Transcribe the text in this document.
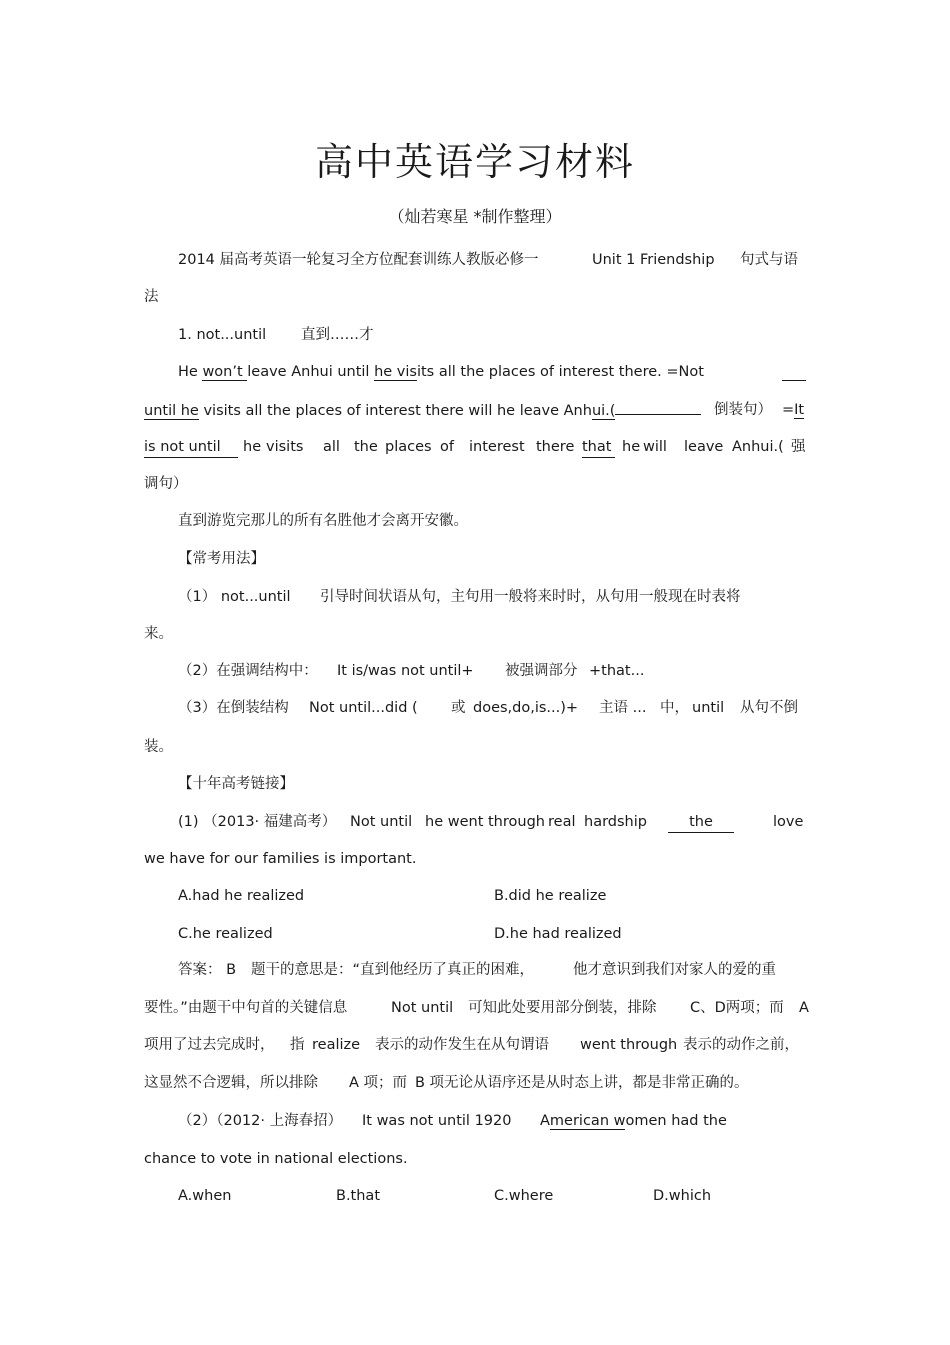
高中英语学习材料
（灿若寒星 *制作整理）
2014 届高考英语一轮复习全方位配套训练人教版必修一	Unit 1 Friendship 句式与语
法
1. not...until 直到……才
He won’t leave Anhui until he visits all the places of interest there. =Not
until he visits all the places of interest there will he leave Anhui.(	倒装句） =It
is not until	he visits all the places of interest there that he will leave Anhui.( 强
调句）
直到游览完那儿的所有名胜他才会离开安徽。
【常考用法】
（1） not...until 引导时间状语从句，主句用一般将来时时，从句用一般现在时表将
来。
（2）在强调结构中： It is/was not until+ 被强调部分 +that...
（3）在倒装结构 Not until...did ( 或 does,do,is...)+ 主语 ... 中， until 从句不倒
装。
【十年高考链接】
(1) （2013· 福建高考） Not until he went through real hardship	the	love
we have for our families is important.
A.had he realized	B.did he realize
C.he realized	D.he had realized
答案： B 题干的意思是：“直到他经历了真正的困难，	他才意识到我们对家人的爱的重
要性。”由题干中句首的关键信息	Not until 可知此处要用部分倒装，排除 C、D两项；而 A
项用了过去完成时， 指 realize 表示的动作发生在从句谓语 went through 表示的动作之前，
这显然不合逻辑，所以排除 A 项；而 B 项无论从语序还是从时态上讲，都是非常正确的。
（2）（2012· 上海春招） It was not until 1920 American women had the
chance to vote in national elections.
A.when	B.that	C.where	D.which
